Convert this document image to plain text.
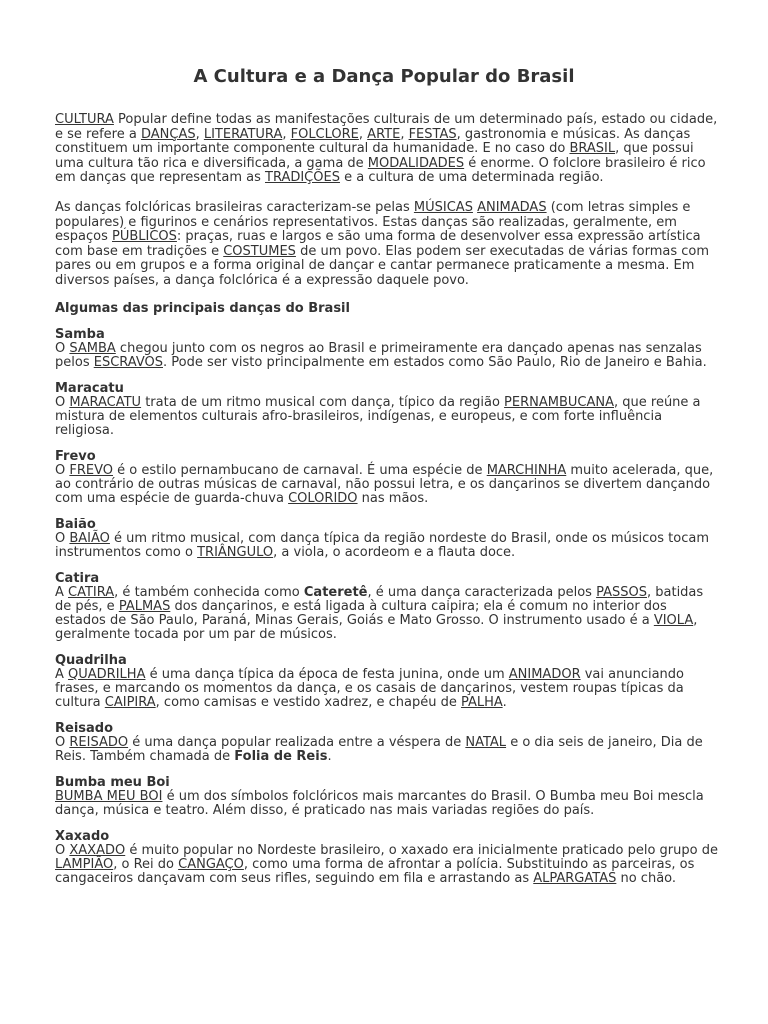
A Cultura e a Dança Popular do Brasil

CULTURA Popular define todas as manifestações culturais de um determinado país, estado ou cidade, e se refere a DANÇAS, LITERATURA, FOLCLORE, ARTE, FESTAS, gastronomia e músicas. As danças constituem um importante componente cultural da humanidade. E no caso do BRASIL, que possui uma cultura tão rica e diversificada, a gama de MODALIDADES é enorme. O folclore brasileiro é rico em danças que representam as TRADIÇÕES e a cultura de uma determinada região.

As danças folclóricas brasileiras caracterizam-se pelas MÚSICAS ANIMADAS (com letras simples e populares) e figurinos e cenários representativos. Estas danças são realizadas, geralmente, em espaços PÚBLICOS: praças, ruas e largos e são uma forma de desenvolver essa expressão artística com base em tradições e COSTUMES de um povo. Elas podem ser executadas de várias formas com pares ou em grupos e a forma original de dançar e cantar permanece praticamente a mesma. Em diversos países, a dança folclórica é a expressão daquele povo.

Algumas das principais danças do Brasil

Samba
O SAMBA chegou junto com os negros ao Brasil e primeiramente era dançado apenas nas senzalas pelos ESCRAVOS. Pode ser visto principalmente em estados como São Paulo, Rio de Janeiro e Bahia.
Maracatu
O MARACATU trata de um ritmo musical com dança, típico da região PERNAMBUCANA, que reúne a mistura de elementos culturais afro-brasileiros, indígenas, e europeus, e com forte influência religiosa.
Frevo
O FREVO é o estilo pernambucano de carnaval. É uma espécie de MARCHINHA muito acelerada, que, ao contrário de outras músicas de carnaval, não possui letra, e os dançarinos se divertem dançando com uma espécie de guarda-chuva COLORIDO nas mãos.
Baião
O BAIÃO é um ritmo musical, com dança típica da região nordeste do Brasil, onde os músicos tocam instrumentos como o TRIÂNGULO, a viola, o acordeom e a flauta doce.
Catira
A CATIRA, é também conhecida como Cateretê, é uma dança caracterizada pelos PASSOS, batidas de pés, e PALMAS dos dançarinos, e está ligada à cultura caipira; ela é comum no interior dos estados de São Paulo, Paraná, Minas Gerais, Goiás e Mato Grosso. O instrumento usado é a VIOLA, geralmente tocada por um par de músicos.
Quadrilha
A QUADRILHA é uma dança típica da época de festa junina, onde um ANIMADOR vai anunciando frases, e marcando os momentos da dança, e os casais de dançarinos, vestem roupas típicas da cultura CAIPIRA, como camisas e vestido xadrez, e chapéu de PALHA.
Reisado
O REISADO é uma dança popular realizada entre a véspera de NATAL e o dia seis de janeiro, Dia de Reis. Também chamada de Folia de Reis.
Bumba meu Boi
BUMBA MEU BOI é um dos símbolos folclóricos mais marcantes do Brasil. O Bumba meu Boi mescla dança, música e teatro. Além disso, é praticado nas mais variadas regiões do país.
Xaxado
O XAXADO é muito popular no Nordeste brasileiro, o xaxado era inicialmente praticado pelo grupo de LAMPIÃO, o Rei do CANGAÇO, como uma forma de afrontar a polícia. Substituindo as parceiras, os cangaceiros dançavam com seus rifles, seguindo em fila e arrastando as ALPARGATAS no chão.
